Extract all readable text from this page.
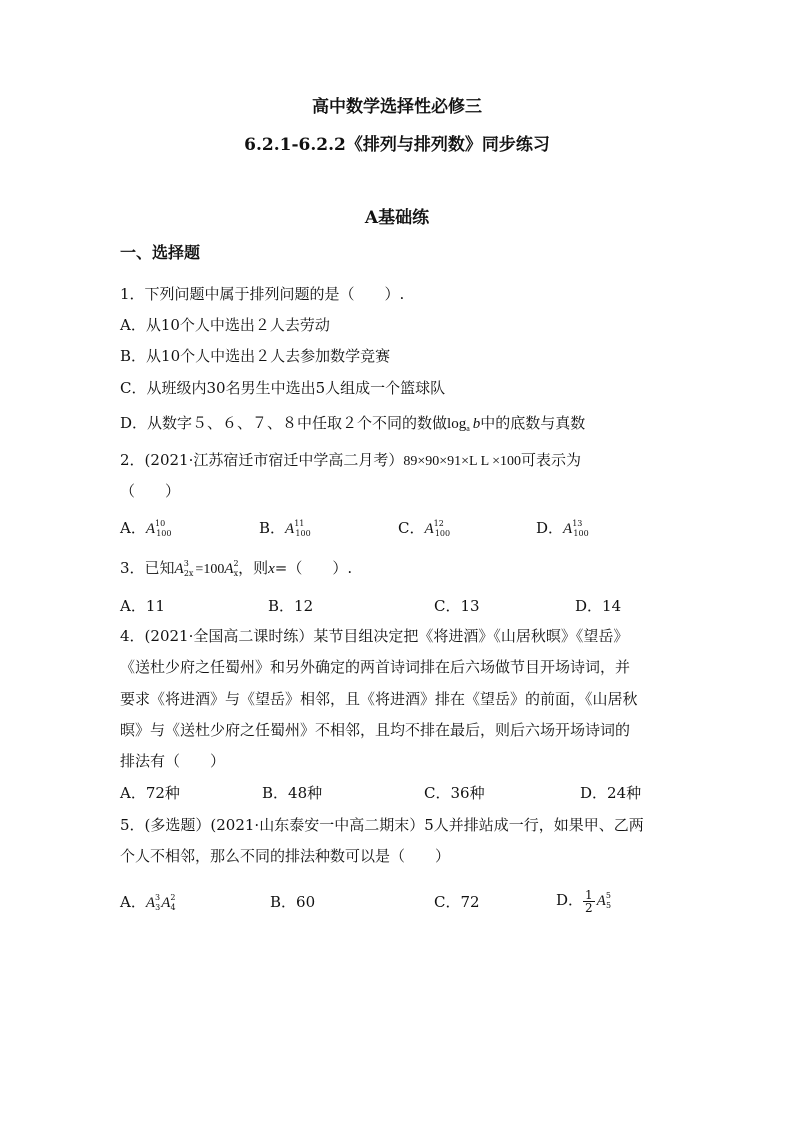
高中数学选择性必修三
6.2.1-6.2.2《排列与排列数》同步练习
A基础练
一、选择题
1．下列问题中属于排列问题的是（　　）.
A．从10个人中选出２人去劳动
B．从10个人中选出２人去参加数学竞赛
C．从班级内30名男生中选出5人组成一个篮球队
D．从数字５、６、７、８中任取２个不同的数做$\log_a b$中的底数与真数
2．(2021·江苏宿迁市宿迁中学高二月考）89×90×91×L L ×100可表示为
（　　）
A．$A^{10}_{100}$	B．$A^{11}_{100}$	C．$A^{12}_{100}$	D．$A^{13}_{100}$
3．已知$A^3_{2x} =100A^2_x$，则x=（　　）.
A．11	B．12	C．13	D．14
4．(2021·全国高二课时练）某节目组决定把《将进酒》《山居秋暝》《望岳》
《送杜少府之任蜀州》和另外确定的两首诗词排在后六场做节目开场诗词，并
要求《将进酒》与《望岳》相邻，且《将进酒》排在《望岳》的前面，《山居秋
暝》与《送杜少府之任蜀州》不相邻，且均不排在最后，则后六场开场诗词的
排法有（　　）
A．72种	B．48种	C．36种	D．24种
5．(多选题）(2021·山东泰安一中高二期末）5人并排站成一行，如果甲、乙两
个人不相邻，那么不同的排法种数可以是（　　）
A．$A^3_3A^2_4$	B．60	C．72	D． $\frac{1}{2} A^5_5$
